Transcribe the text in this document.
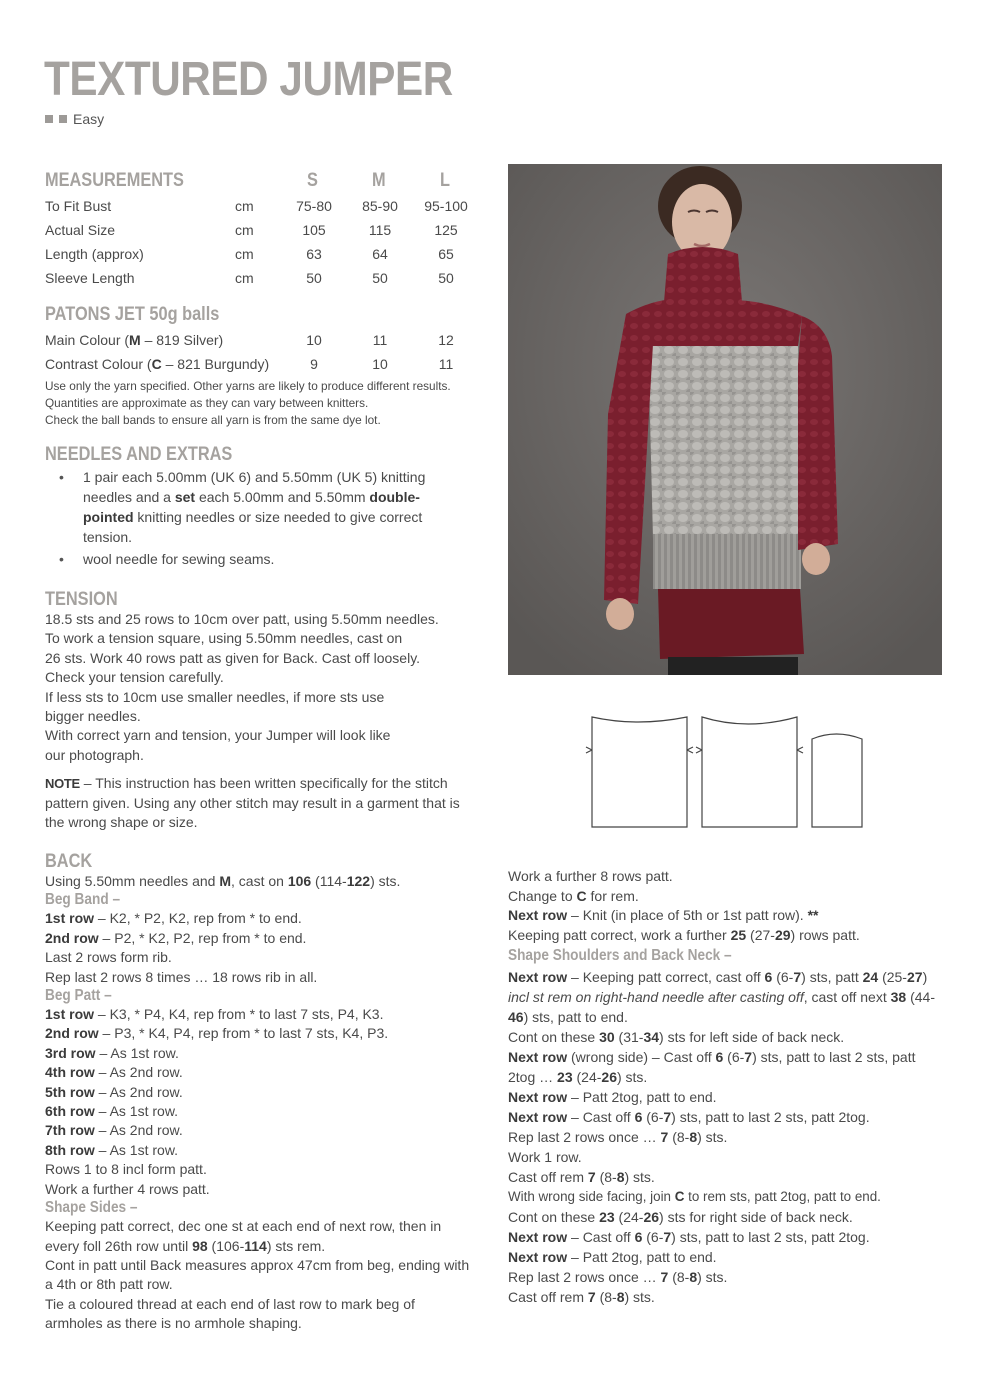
TEXTURED JUMPER
Easy
MEASUREMENTS	S	M	L
To Fit Bust	cm	75-80	85-90	95-100
Actual Size	cm	105	115	125
Length (approx)	cm	63	64	65
Sleeve Length	cm	50	50	50
PATONS JET 50g balls
Main Colour (M – 819 Silver)	10	11	12
Contrast Colour (C – 821 Burgundy)	9	10	11
Use only the yarn specified. Other yarns are likely to produce different results.
Quantities are approximate as they can vary between knitters.
Check the ball bands to ensure all yarn is from the same dye lot.
NEEDLES AND EXTRAS
• 1 pair each 5.00mm (UK 6) and 5.50mm (UK 5) knitting needles and a set each 5.00mm and 5.50mm double-pointed knitting needles or size needed to give correct tension.
• wool needle for sewing seams.
TENSION
18.5 sts and 25 rows to 10cm over patt, using 5.50mm needles.
To work a tension square, using 5.50mm needles, cast on
26 sts. Work 40 rows patt as given for Back. Cast off loosely.
Check your tension carefully.
If less sts to 10cm use smaller needles, if more sts use
bigger needles.
With correct yarn and tension, your Jumper will look like
our photograph.
NOTE – This instruction has been written specifically for the stitch pattern given. Using any other stitch may result in a garment that is the wrong shape or size.
BACK
Using 5.50mm needles and M, cast on 106 (114-122) sts.
Beg Band –
1st row – K2, * P2, K2, rep from * to end.
2nd row – P2, * K2, P2, rep from * to end.
Last 2 rows form rib.
Rep last 2 rows 8 times … 18 rows rib in all.
Beg Patt –
1st row – K3, * P4, K4, rep from * to last 7 sts, P4, K3.
2nd row – P3, * K4, P4, rep from * to last 7 sts, K4, P3.
3rd row – As 1st row.
4th row – As 2nd row.
5th row – As 2nd row.
6th row – As 1st row.
7th row – As 2nd row.
8th row – As 1st row.
Rows 1 to 8 incl form patt.
Work a further 4 rows patt.
Shape Sides –
Keeping patt correct, dec one st at each end of next row, then in every foll 26th row until 98 (106-114) sts rem.
Cont in patt until Back measures approx 47cm from beg, ending with a 4th or 8th patt row.
Tie a coloured thread at each end of last row to mark beg of armholes as there is no armhole shaping.
Work a further 8 rows patt.
Change to C for rem.
Next row – Knit (in place of 5th or 1st patt row). **
Keeping patt correct, work a further 25 (27-29) rows patt.
Shape Shoulders and Back Neck –
Next row – Keeping patt correct, cast off 6 (6-7) sts, patt 24 (25-27) incl st rem on right-hand needle after casting off, cast off next 38 (44-46) sts, patt to end.
Cont on these 30 (31-34) sts for left side of back neck.
Next row (wrong side) – Cast off 6 (6-7) sts, patt to last 2 sts, patt 2tog … 23 (24-26) sts.
Next row – Patt 2tog, patt to end.
Next row – Cast off 6 (6-7) sts, patt to last 2 sts, patt 2tog.
Rep last 2 rows once … 7 (8-8) sts.
Work 1 row.
Cast off rem 7 (8-8) sts.
With wrong side facing, join C to rem sts, patt 2tog, patt to end.
Cont on these 23 (24-26) sts for right side of back neck.
Next row – Cast off 6 (6-7) sts, patt to last 2 sts, patt 2tog.
Next row – Patt 2tog, patt to end.
Rep last 2 rows once … 7 (8-8) sts.
Cast off rem 7 (8-8) sts.
